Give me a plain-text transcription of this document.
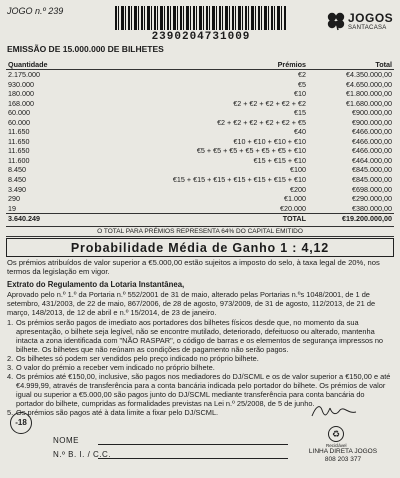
JOGO n.º 239
2390204731009
JOGOS
SANTACASA
EMISSÃO DE 15.000.000 DE BILHETES
Quantidade	Prémios	Total
2.175.000	€2	€4.350.000,00
930.000	€5	€4.650.000,00
180.000	€10	€1.800.000,00
168.000	€2 + €2 + €2 + €2 + €2	€1.680.000,00
60.000	€15	€900.000,00
60.000	€2 + €2 + €2 + €2 + €2 + €5	€900.000,00
11.650	€40	€466.000,00
11.650	€10 + €10 + €10 + €10	€466.000,00
11.650	€5 + €5 + €5 + €5 + €5 + €5 + €10	€466.000,00
11.600	€15 + €15 + €10	€464.000,00
8.450	€100	€845.000,00
8.450	€15 + €15 + €15 + €15 + €15 + €15 + €10	€845.000,00
3.490	€200	€698.000,00
290	€1.000	€290.000,00
19	€20.000	€380.000,00
3.640.249	TOTAL	€19.200.000,00
O TOTAL PARA PRÉMIOS REPRESENTA 64% DO CAPITAL EMITIDO
Probabilidade Média de Ganho 1 : 4,12
Os prémios atribuídos de valor superior a €5.000,00 estão sujeitos a imposto do selo, à taxa legal de 20%, nos termos da legislação em vigor.
Extrato do Regulamento da Lotaria Instantânea,
Aprovado pelo n.º 1.º da Portaria n.º 552/2001 de 31 de maio, alterado pelas Portarias n.ºs 1048/2001, de 1 de setembro, 431/2003, de 22 de maio, 867/2006, de 28 de agosto, 973/2009, de 31 de agosto, 112/2013, de 21 de março, 148/2013, de 12 de abril e n.º 15/2014, de 23 de janeiro.
1. Os prémios serão pagos de imediato aos portadores dos bilhetes físicos desde que, no momento da sua apresentação, o bilhete seja legível, não se encontre mutilado, deteriorado, defeituoso ou alterado, mantenha intacta a zona identificada com "NÃO RASPAR", o código de barras e os elementos de segurança impressos no bilhete. Os bilhetes que não reúnam as condições de pagamento não serão pagos.
2. Os bilhetes só podem ser vendidos pelo preço indicado no próprio bilhete.
3. O valor do prémio a receber vem indicado no próprio bilhete.
4. Os prémios até €150,00, inclusive, são pagos nos mediadores do DJ/SCML e os de valor superior a €150,00 e até €4.999,99, através de transferência para a conta bancária indicada pelo portador do bilhete. Os prémios de valor igual ou superior a €5.000,00 são pagos junto do DJ/SCML mediante transferência para conta bancária do portador do bilhete, cumpridas as formalidades previstas na Lei n.º 25/2008, de 5 de junho.
5. Os prémios são pagos até à data limite a fixar pelo DJ/SCML.
-18
NOME
N.º B. I. / C.C.
♻
Reciclável
LINHA DIRETA JOGOS
808 203 377
